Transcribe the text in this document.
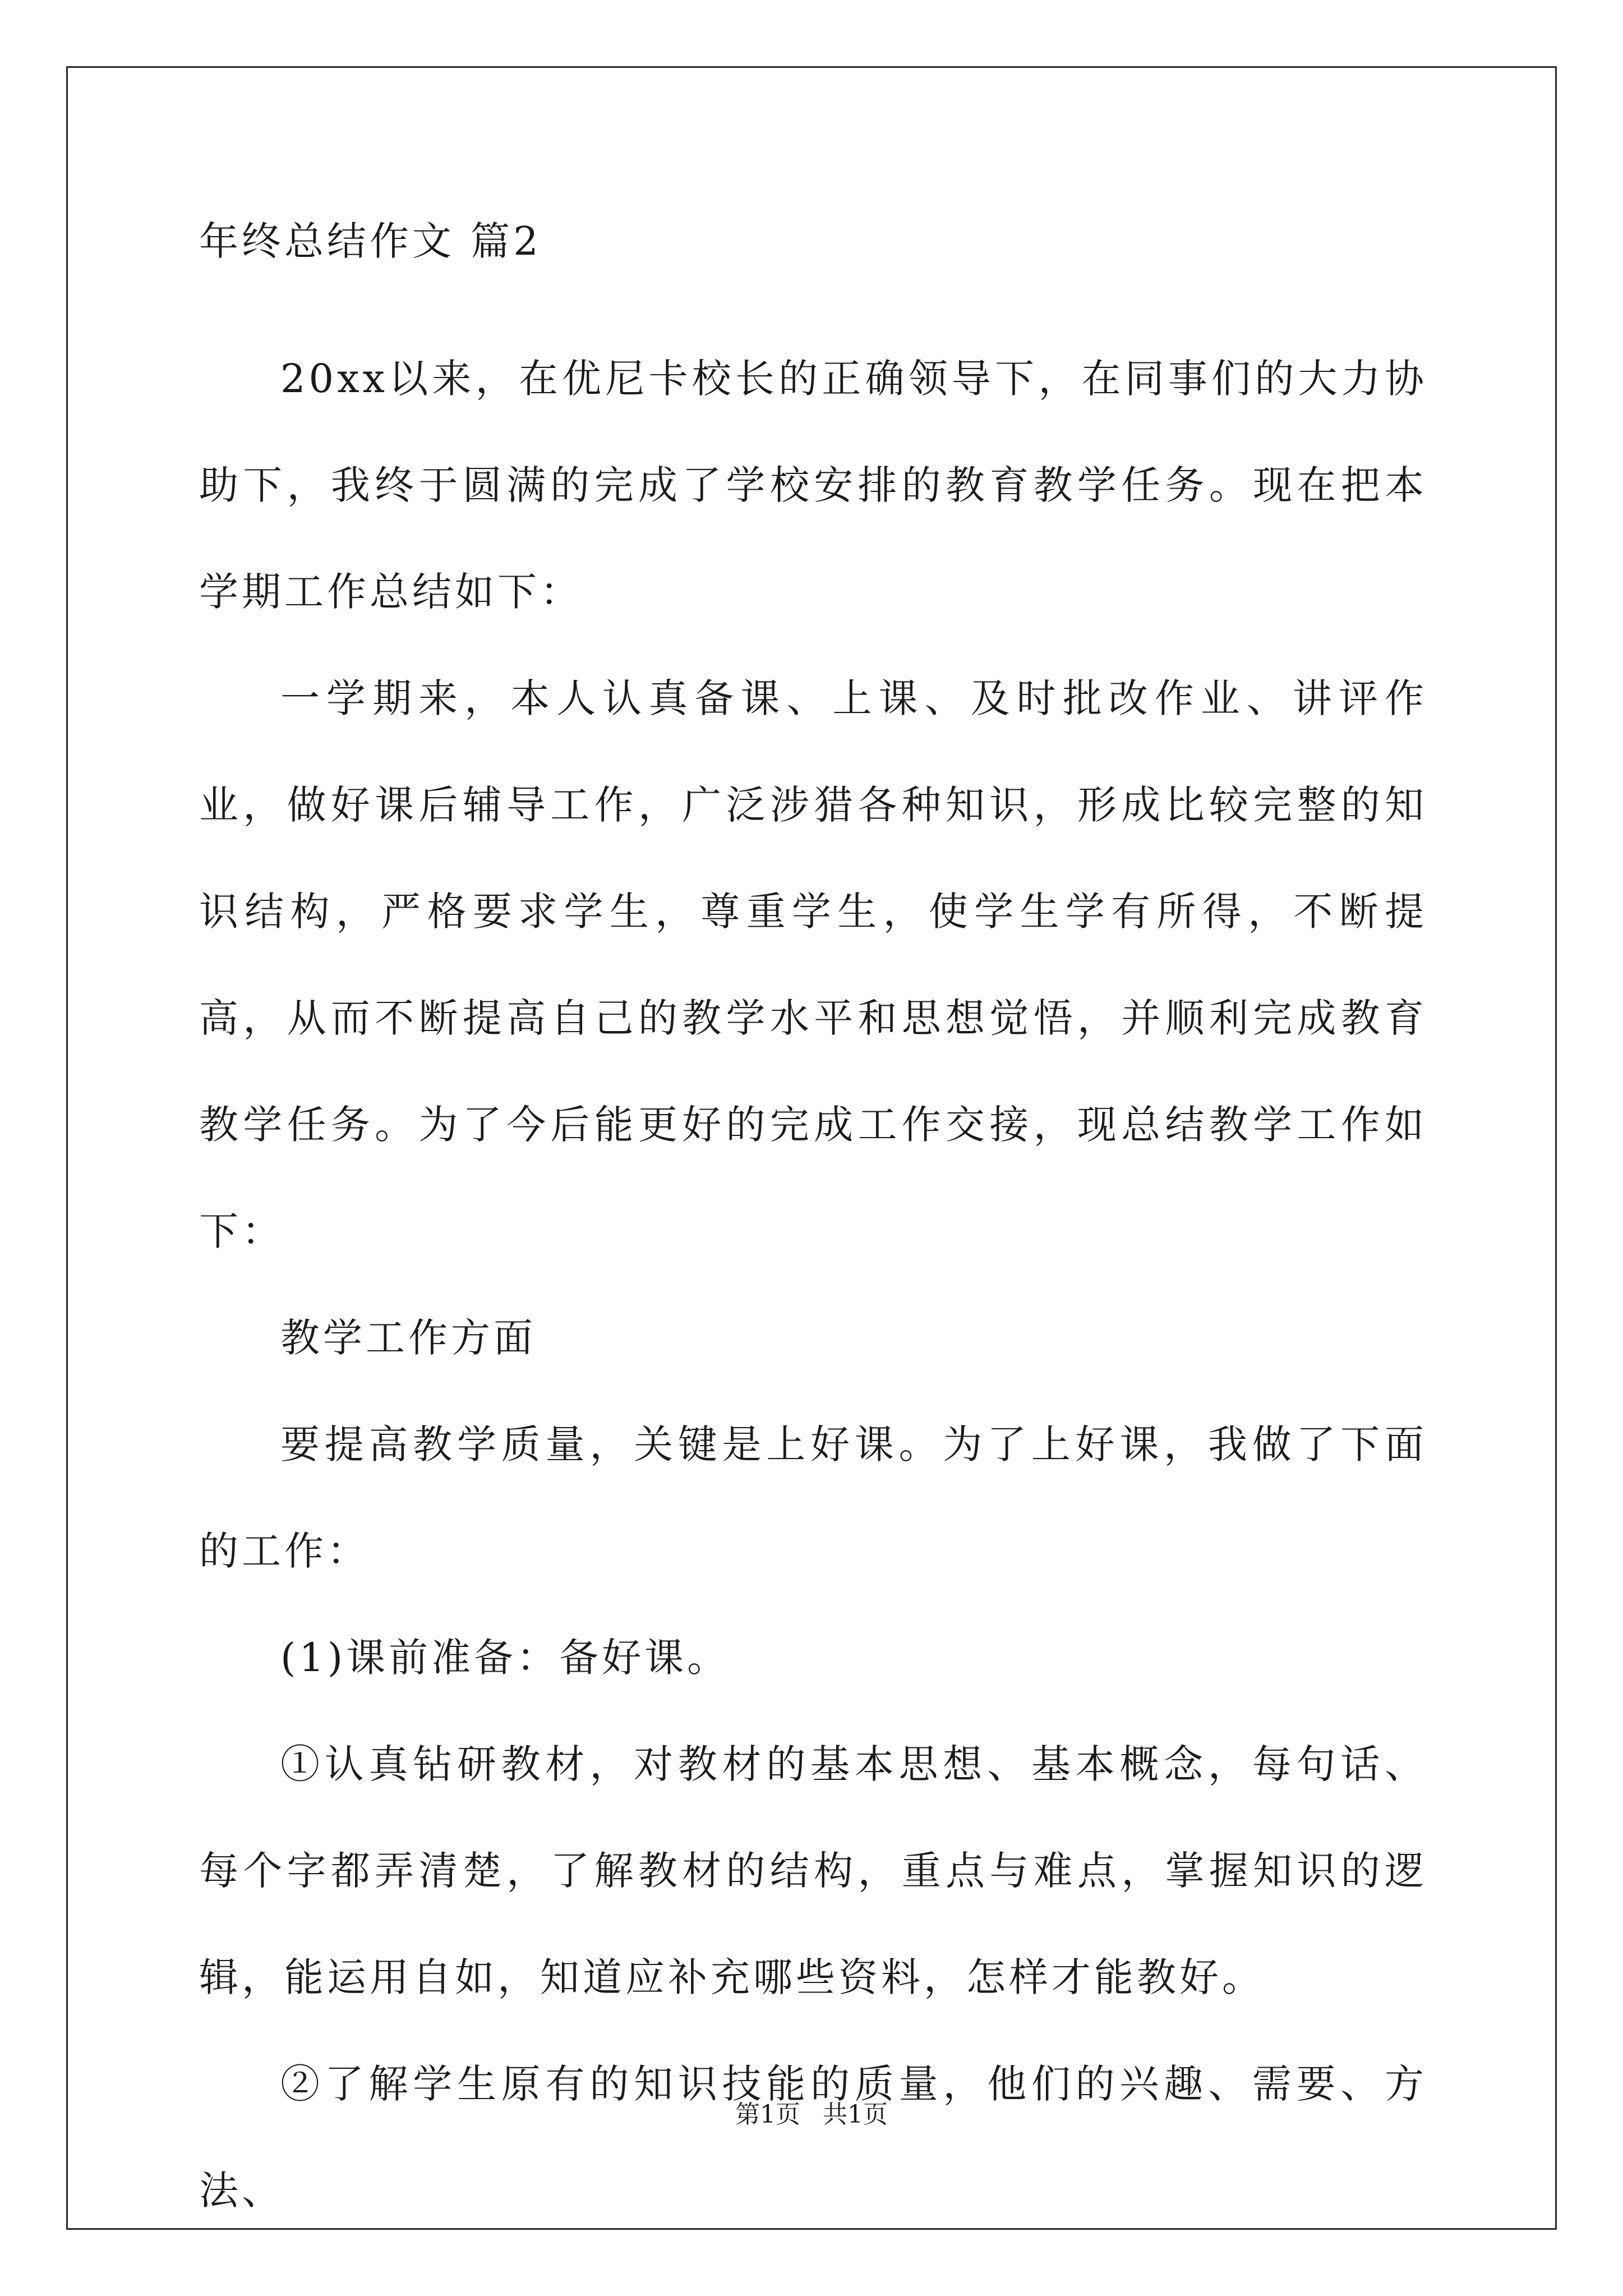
年终总结作文 篇2

20xx以来，在优尼卡校长的正确领导下，在同事们的大力协助下，我终于圆满的完成了学校安排的教育教学任务。现在把本学期工作总结如下：

一学期来，本人认真备课、上课、及时批改作业、讲评作业，做好课后辅导工作，广泛涉猎各种知识，形成比较完整的知识结构，严格要求学生，尊重学生，使学生学有所得，不断提高，从而不断提高自己的教学水平和思想觉悟，并顺利完成教育教学任务。为了今后能更好的完成工作交接，现总结教学工作如下：

教学工作方面

要提高教学质量，关键是上好课。为了上好课，我做了下面的工作：

(1)课前准备：备好课。

①认真钻研教材，对教材的基本思想、基本概念，每句话、每个字都弄清楚，了解教材的结构，重点与难点，掌握知识的逻辑，能运用自如，知道应补充哪些资料，怎样才能教好。

②了解学生原有的知识技能的质量，他们的兴趣、需要、方法、

第1页 共1页
